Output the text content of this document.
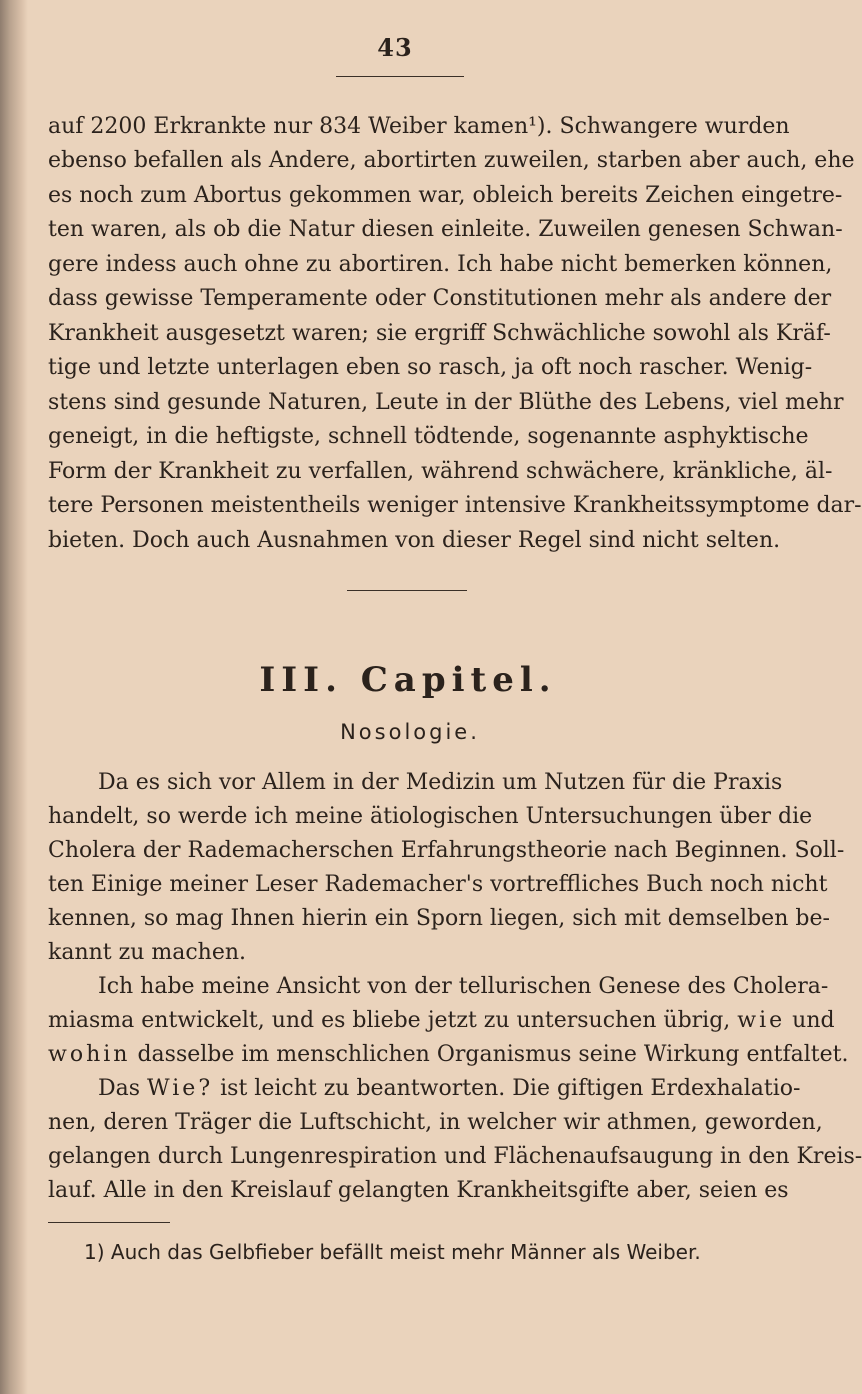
43
auf 2200 Erkrankte nur 834 Weiber kamen¹). Schwangere wurden
ebenso befallen als Andere, abortirten zuweilen, starben aber auch, ehe
es noch zum Abortus gekommen war, obleich bereits Zeichen eingetre-
ten waren, als ob die Natur diesen einleite. Zuweilen genesen Schwan-
gere indess auch ohne zu abortiren. Ich habe nicht bemerken können,
dass gewisse Temperamente oder Constitutionen mehr als andere der
Krankheit ausgesetzt waren; sie ergriff Schwächliche sowohl als Kräf-
tige und letzte unterlagen eben so rasch, ja oft noch rascher. Wenig-
stens sind gesunde Naturen, Leute in der Blüthe des Lebens, viel mehr
geneigt, in die heftigste, schnell tödtende, sogenannte asphyktische
Form der Krankheit zu verfallen, während schwächere, kränkliche, äl-
tere Personen meistentheils weniger intensive Krankheitssymptome dar-
bieten. Doch auch Ausnahmen von dieser Regel sind nicht selten.
III. Capitel.
Nosologie.
Da es sich vor Allem in der Medizin um Nutzen für die Praxis
handelt, so werde ich meine ätiologischen Untersuchungen über die
Cholera der Rademacherschen Erfahrungstheorie nach Beginnen. Soll-
ten Einige meiner Leser Rademacher's vortreffliches Buch noch nicht
kennen, so mag Ihnen hierin ein Sporn liegen, sich mit demselben be-
kannt zu machen.
Ich habe meine Ansicht von der tellurischen Genese des Cholera-
miasma entwickelt, und es bliebe jetzt zu untersuchen übrig, wie und
wohin dasselbe im menschlichen Organismus seine Wirkung entfaltet.
Das Wie? ist leicht zu beantworten. Die giftigen Erdexhalatio-
nen, deren Träger die Luftschicht, in welcher wir athmen, geworden,
gelangen durch Lungenrespiration und Flächenaufsaugung in den Kreis-
lauf. Alle in den Kreislauf gelangten Krankheitsgifte aber, seien es
1) Auch das Gelbfieber befällt meist mehr Männer als Weiber.
